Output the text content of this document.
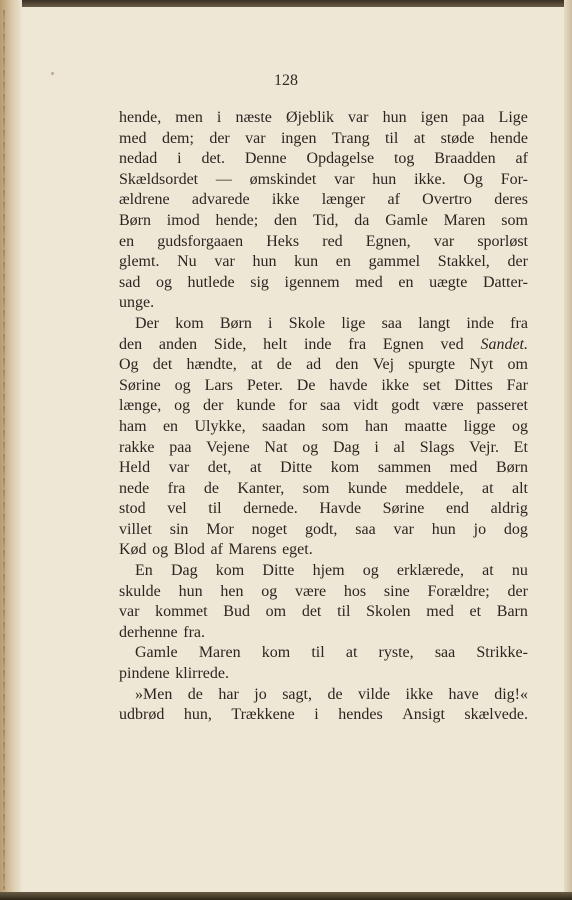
128

hende, men i næste Øjeblik var hun igen paa Lige
med dem; der var ingen Trang til at støde hende
nedad i det. Denne Opdagelse tog Braadden af
Skældsordet — ømskindet var hun ikke. Og For-
ældrene advarede ikke længer af Overtro deres
Børn imod hende; den Tid, da Gamle Maren som
en gudsforgaaen Heks red Egnen, var sporløst
glemt. Nu var hun kun en gammel Stakkel, der
sad og hutlede sig igennem med en uægte Datter-
unge.
Der kom Børn i Skole lige saa langt inde fra
den anden Side, helt inde fra Egnen ved Sandet.
Og det hændte, at de ad den Vej spurgte Nyt om
Sørine og Lars Peter. De havde ikke set Dittes Far
længe, og der kunde for saa vidt godt være passeret
ham en Ulykke, saadan som han maatte ligge og
rakke paa Vejene Nat og Dag i al Slags Vejr. Et
Held var det, at Ditte kom sammen med Børn
nede fra de Kanter, som kunde meddele, at alt
stod vel til dernede. Havde Sørine end aldrig
villet sin Mor noget godt, saa var hun jo dog
Kød og Blod af Marens eget.
En Dag kom Ditte hjem og erklærede, at nu
skulde hun hen og være hos sine Forældre; der
var kommet Bud om det til Skolen med et Barn
derhenne fra.
Gamle Maren kom til at ryste, saa Strikke-
pindene klirrede.
»Men de har jo sagt, de vilde ikke have dig!«
udbrød hun, Trækkene i hendes Ansigt skælvede.
